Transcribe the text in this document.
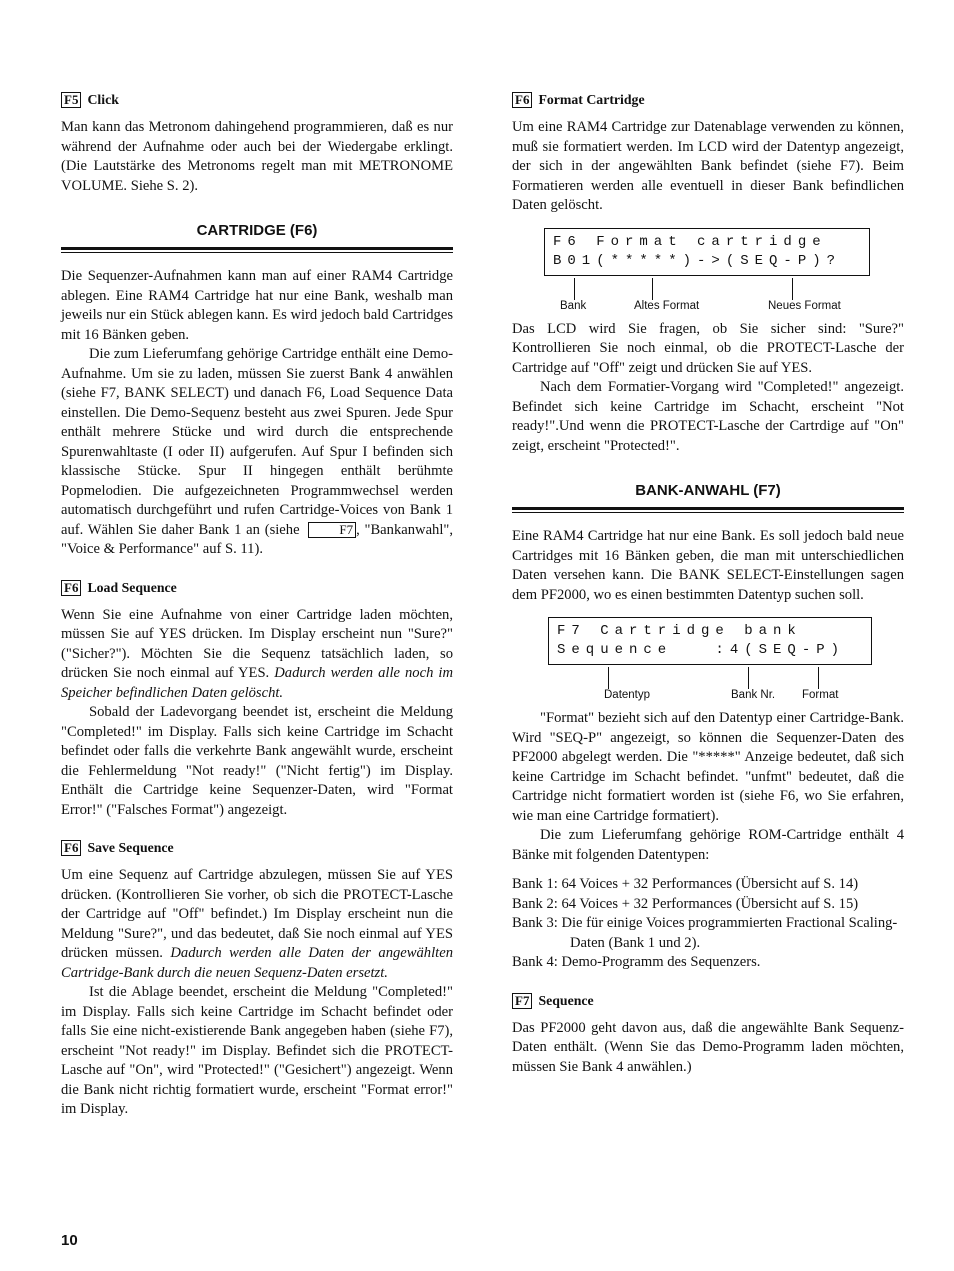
F5 Click

Man kann das Metronom dahingehend programmieren, daß es nur während der Aufnahme oder auch bei der Wiedergabe erklingt. (Die Lautstärke des Metronoms regelt man mit METRONOME VOLUME. Siehe S. 2).

CARTRIDGE (F6)

Die Sequenzer-Aufnahmen kann man auf einer RAM4 Cartridge ablegen. Eine RAM4 Cartridge hat nur eine Bank, weshalb man jeweils nur ein Stück ablegen kann. Es wird jedoch bald Cartridges mit 16 Bänken geben.

Die zum Lieferumfang gehörige Cartridge enthält eine Demo-Aufnahme. Um sie zu laden, müssen Sie zuerst Bank 4 anwählen (siehe F7, BANK SELECT) und danach F6, Load Sequence Data einstellen. Die Demo-Sequenz besteht aus zwei Spuren. Jede Spur enthält mehrere Stücke und wird durch die entsprechende Spurenwahltaste (I oder II) aufgerufen. Auf Spur I befinden sich klassische Stücke. Spur II hingegen enthält berühmte Popmelodien. Die aufgezeichneten Programmwechsel werden automatisch durchgeführt und rufen Cartridge-Voices von Bank 1 auf. Wählen Sie daher Bank 1 an (siehe	F7 , "Bankanwahl", "Voice & Performance" auf S. 11).

F6 Load Sequence

Wenn Sie eine Aufnahme von einer Cartridge laden möchten, müssen Sie auf YES drücken. Im Display erscheint nun "Sure?" ("Sicher?"). Möchten Sie die Sequenz tatsächlich laden, so drücken Sie noch einmal auf YES. Dadurch werden alle noch im Speicher befindlichen Daten gelöscht.

Sobald der Ladevorgang beendet ist, erscheint die Meldung "Completed!" im Display. Falls sich keine Cartridge im Schacht befindet oder falls die verkehrte Bank angewählt wurde, erscheint die Fehlermeldung "Not ready!" ("Nicht fertig") im Display. Enthält die Cartridge keine Sequenzer-Daten, wird "Format Error!" ("Falsches Format") angezeigt.

F6 Save Sequence

Um eine Sequenz auf Cartridge abzulegen, müssen Sie auf YES drücken. (Kontrollieren Sie vorher, ob sich die PROTECT-Lasche der Cartridge auf "Off" befindet.) Im Display erscheint nun die Meldung "Sure?", und das bedeutet, daß Sie noch einmal auf YES drücken müssen. Dadurch werden alle Daten der angewählten Cartridge-Bank durch die neuen Sequenz-Daten ersetzt.

Ist die Ablage beendet, erscheint die Meldung "Completed!" im Display. Falls sich keine Cartridge im Schacht befindet oder falls Sie eine nicht-existierende Bank angegeben haben (siehe F7), erscheint "Not ready!" im Display. Befindet sich die PROTECT-Lasche auf "On", wird "Protected!" ("Gesichert") angezeigt. Wenn die Bank nicht richtig formatiert wurde, erscheint "Format error!" im Display.

F6 Format Cartridge

Um eine RAM4 Cartridge zur Datenablage verwenden zu können, muß sie formatiert werden. Im LCD wird der Datentyp angezeigt, der sich in der angewählten Bank befindet (siehe F7). Beim Formatieren werden alle eventuell in dieser Bank befindlichen Daten gelöscht.

F6 Format cartridge
B01(*****)->(SEQ-P)?
Bank	Altes Format	Neues Format

Das LCD wird Sie fragen, ob Sie sicher sind: "Sure?" Kontrollieren Sie noch einmal, ob die PROTECT-Lasche der Cartridge auf "Off" zeigt und drücken Sie auf YES.

Nach dem Formatier-Vorgang wird "Completed!" angezeigt. Befindet sich keine Cartridge im Schacht, erscheint "Not ready!".Und wenn die PROTECT-Lasche der Cartrdige auf "On" zeigt, erscheint "Protected!".

BANK-ANWAHL (F7)

Eine RAM4 Cartridge hat nur eine Bank. Es soll jedoch bald neue Cartridges mit 16 Bänken geben, die man mit unterschiedlichen Daten versehen kann. Die BANK SELECT-Einstellungen sagen dem PF2000, wo es einen bestimmten Datentyp suchen soll.

F7 Cartridge bank
Sequence   :4(SEQ-P)
Datentyp	Bank Nr. Format

"Format" bezieht sich auf den Datentyp einer Cartridge-Bank. Wird "SEQ-P" angezeigt, so können die Sequenzer-Daten des PF2000 abgelegt werden. Die "*****" Anzeige bedeutet, daß sich keine Cartridge im Schacht befindet. "unfmt" bedeutet, daß die Cartridge nicht formatiert worden ist (siehe F6, wo Sie erfahren, wie man eine Cartridge formatiert).

Die zum Lieferumfang gehörige ROM-Cartridge enthält 4 Bänke mit folgenden Datentypen:

Bank 1: 64 Voices + 32 Performances (Übersicht auf S. 14)
Bank 2: 64 Voices + 32 Performances (Übersicht auf S. 15)
Bank 3: Die für einige Voices programmierten Fractional Scaling-Daten (Bank 1 und 2).
Bank 4: Demo-Programm des Sequenzers.
F7 Sequence

Das PF2000 geht davon aus, daß die angewählte Bank Sequenz-Daten enthält. (Wenn Sie das Demo-Programm laden möchten, müssen Sie Bank 4 anwählen.)

10
